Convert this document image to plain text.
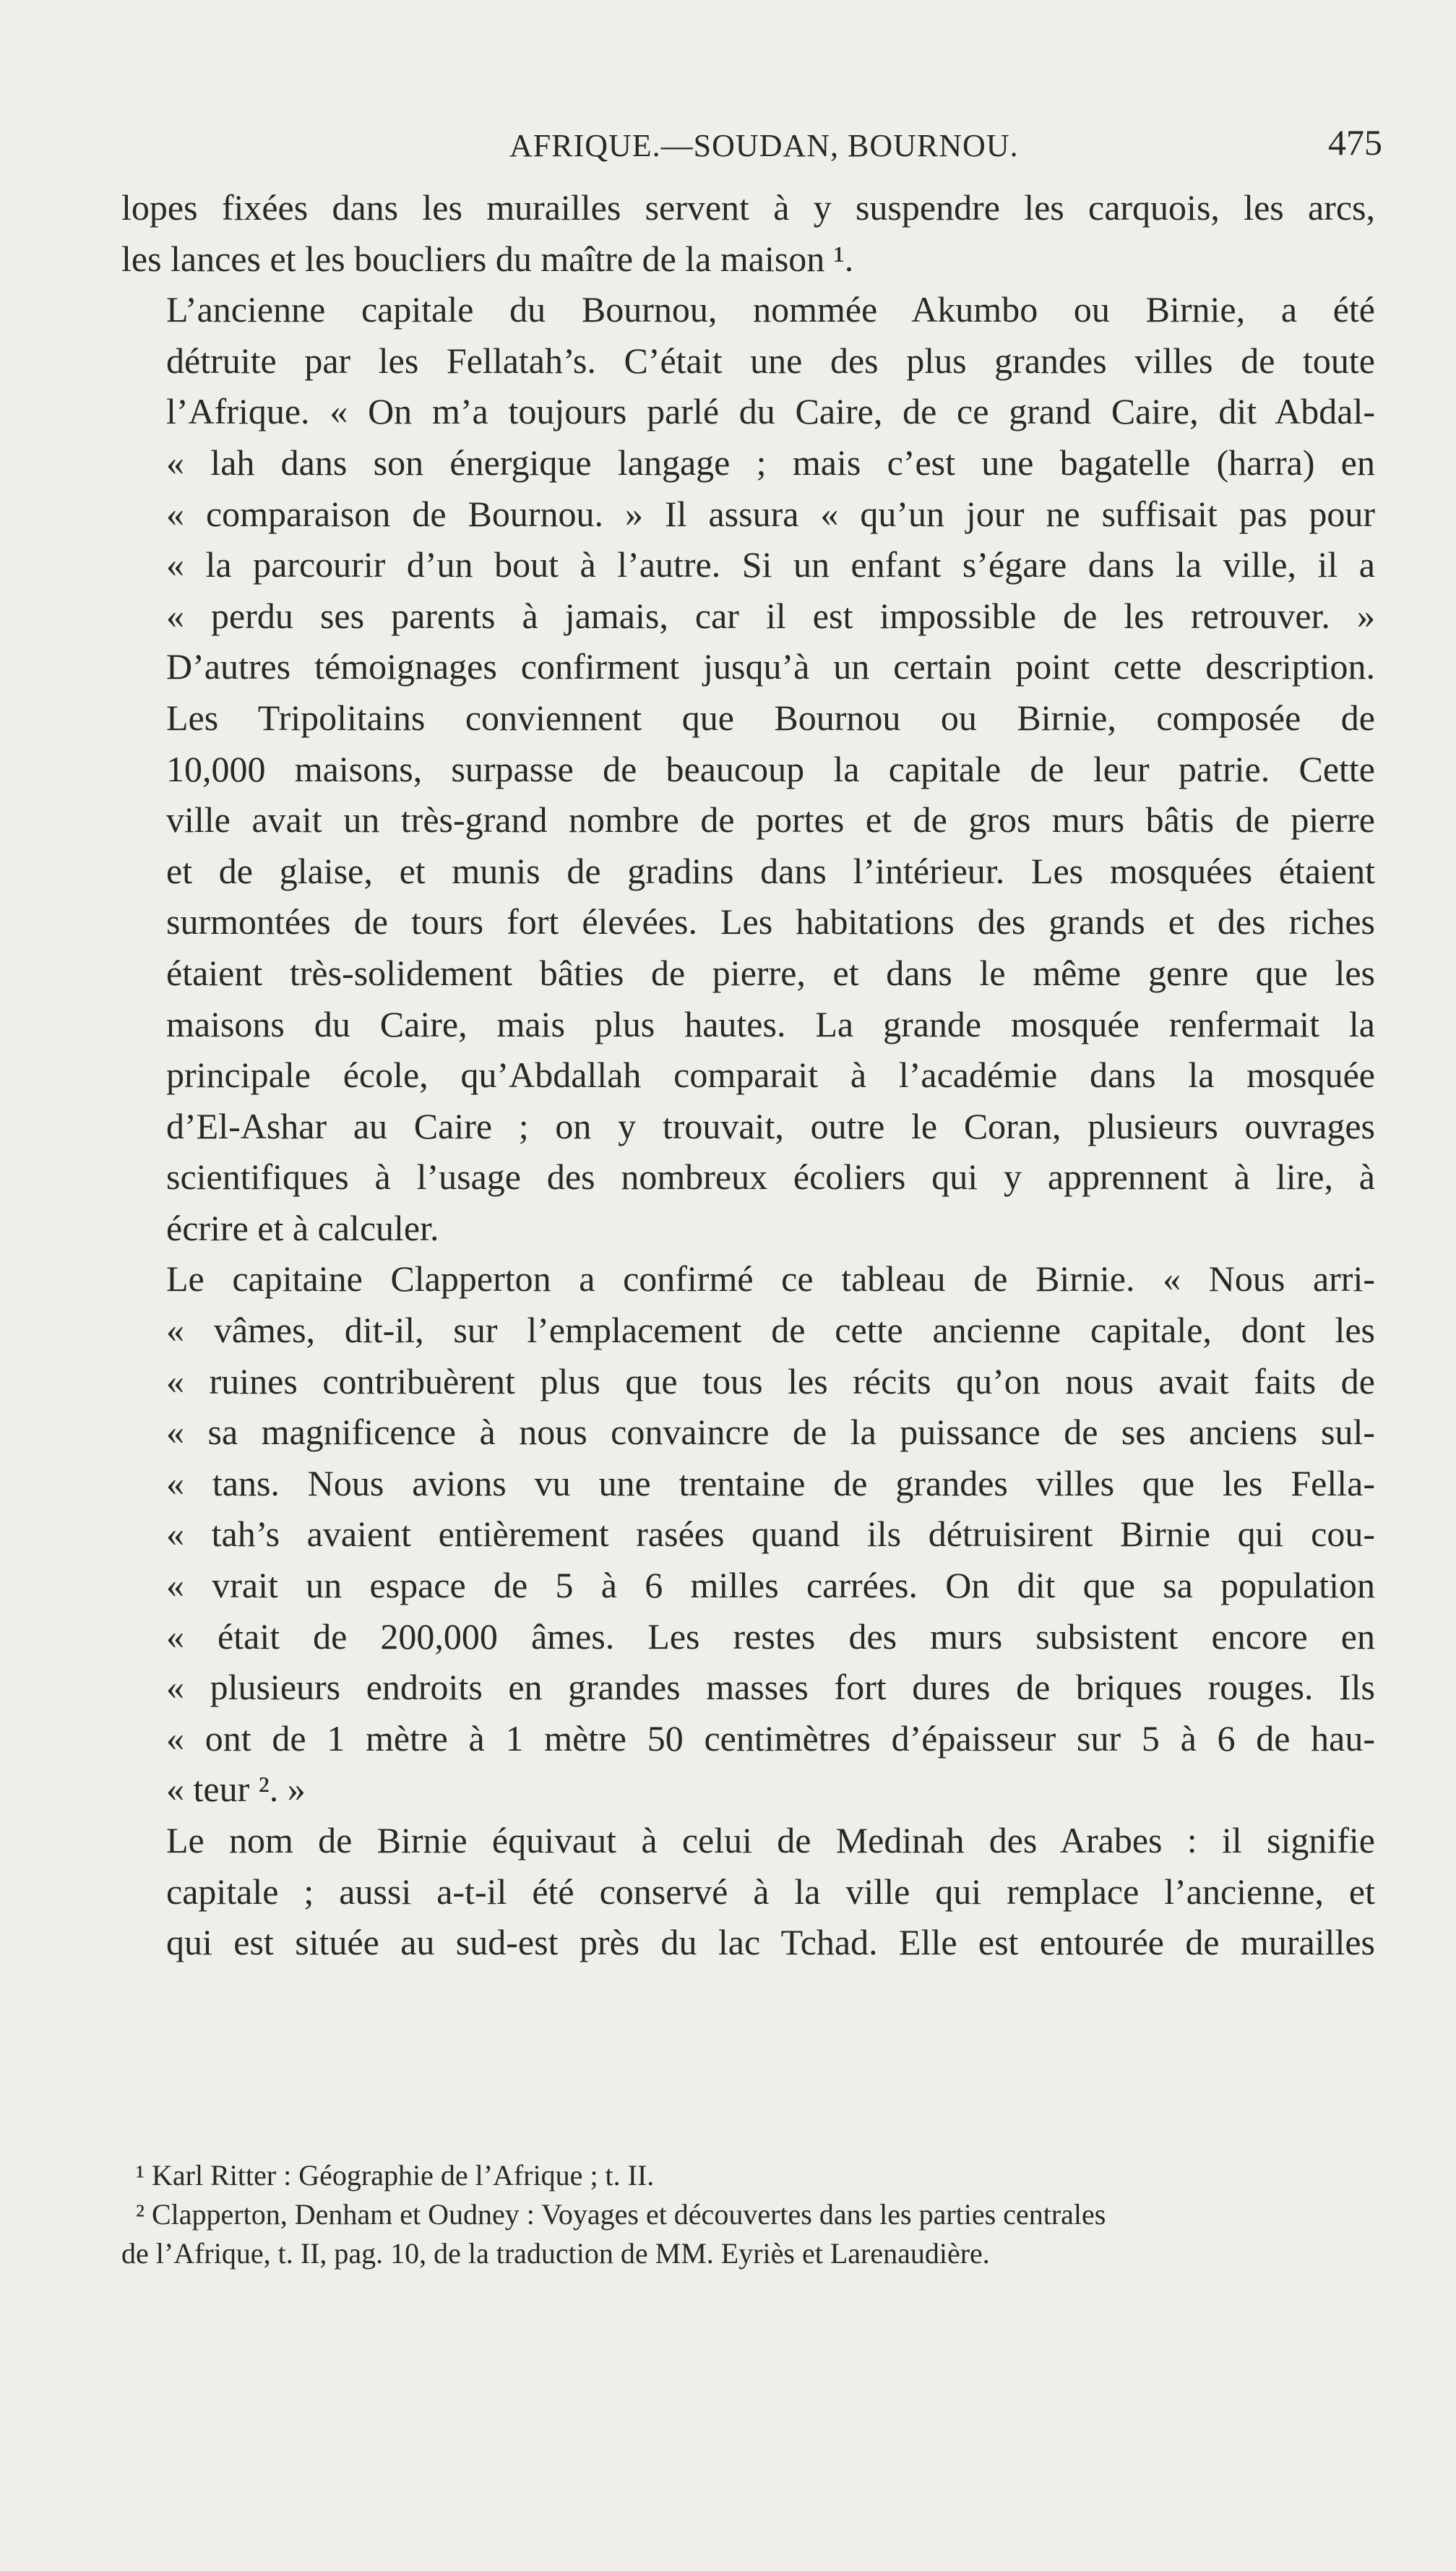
AFRIQUE.—SOUDAN, BOURNOU.	475

lopes fixées dans les murailles servent à y suspendre les carquois, les arcs,
les lances et les boucliers du maître de la maison ¹.

L’ancienne capitale du Bournou, nommée Akumbo ou Birnie, a été
détruite par les Fellatah’s. C’était une des plus grandes villes de toute
l’Afrique. « On m’a toujours parlé du Caire, de ce grand Caire, dit Abdal-
« lah dans son énergique langage ; mais c’est une bagatelle (harra) en
« comparaison de Bournou. » Il assura « qu’un jour ne suffisait pas pour
« la parcourir d’un bout à l’autre. Si un enfant s’égare dans la ville, il a
« perdu ses parents à jamais, car il est impossible de les retrouver. »
D’autres témoignages confirment jusqu’à un certain point cette description.
Les Tripolitains conviennent que Bournou ou Birnie, composée de
10,000 maisons, surpasse de beaucoup la capitale de leur patrie. Cette
ville avait un très-grand nombre de portes et de gros murs bâtis de pierre
et de glaise, et munis de gradins dans l’intérieur. Les mosquées étaient
surmontées de tours fort élevées. Les habitations des grands et des riches
étaient très-solidement bâties de pierre, et dans le même genre que les
maisons du Caire, mais plus hautes. La grande mosquée renfermait la
principale école, qu’Abdallah comparait à l’académie dans la mosquée
d’El-Ashar au Caire ; on y trouvait, outre le Coran, plusieurs ouvrages
scientifiques à l’usage des nombreux écoliers qui y apprennent à lire, à
écrire et à calculer.

Le capitaine Clapperton a confirmé ce tableau de Birnie. « Nous arri-
« vâmes, dit-il, sur l’emplacement de cette ancienne capitale, dont les
« ruines contribuèrent plus que tous les récits qu’on nous avait faits de
« sa magnificence à nous convaincre de la puissance de ses anciens sul-
« tans. Nous avions vu une trentaine de grandes villes que les Fella-
« tah’s avaient entièrement rasées quand ils détruisirent Birnie qui cou-
« vrait un espace de 5 à 6 milles carrées. On dit que sa population
« était de 200,000 âmes. Les restes des murs subsistent encore en
« plusieurs endroits en grandes masses fort dures de briques rouges. Ils
« ont de 1 mètre à 1 mètre 50 centimètres d’épaisseur sur 5 à 6 de hau-
« teur ². »

Le nom de Birnie équivaut à celui de Medinah des Arabes : il signifie
capitale ; aussi a-t-il été conservé à la ville qui remplace l’ancienne, et
qui est située au sud-est près du lac Tchad. Elle est entourée de murailles

¹ Karl Ritter : Géographie de l’Afrique ; t. II.
² Clapperton, Denham et Oudney : Voyages et découvertes dans les parties centrales
de l’Afrique, t. II, pag. 10, de la traduction de MM. Eyriès et Larenaudière.
